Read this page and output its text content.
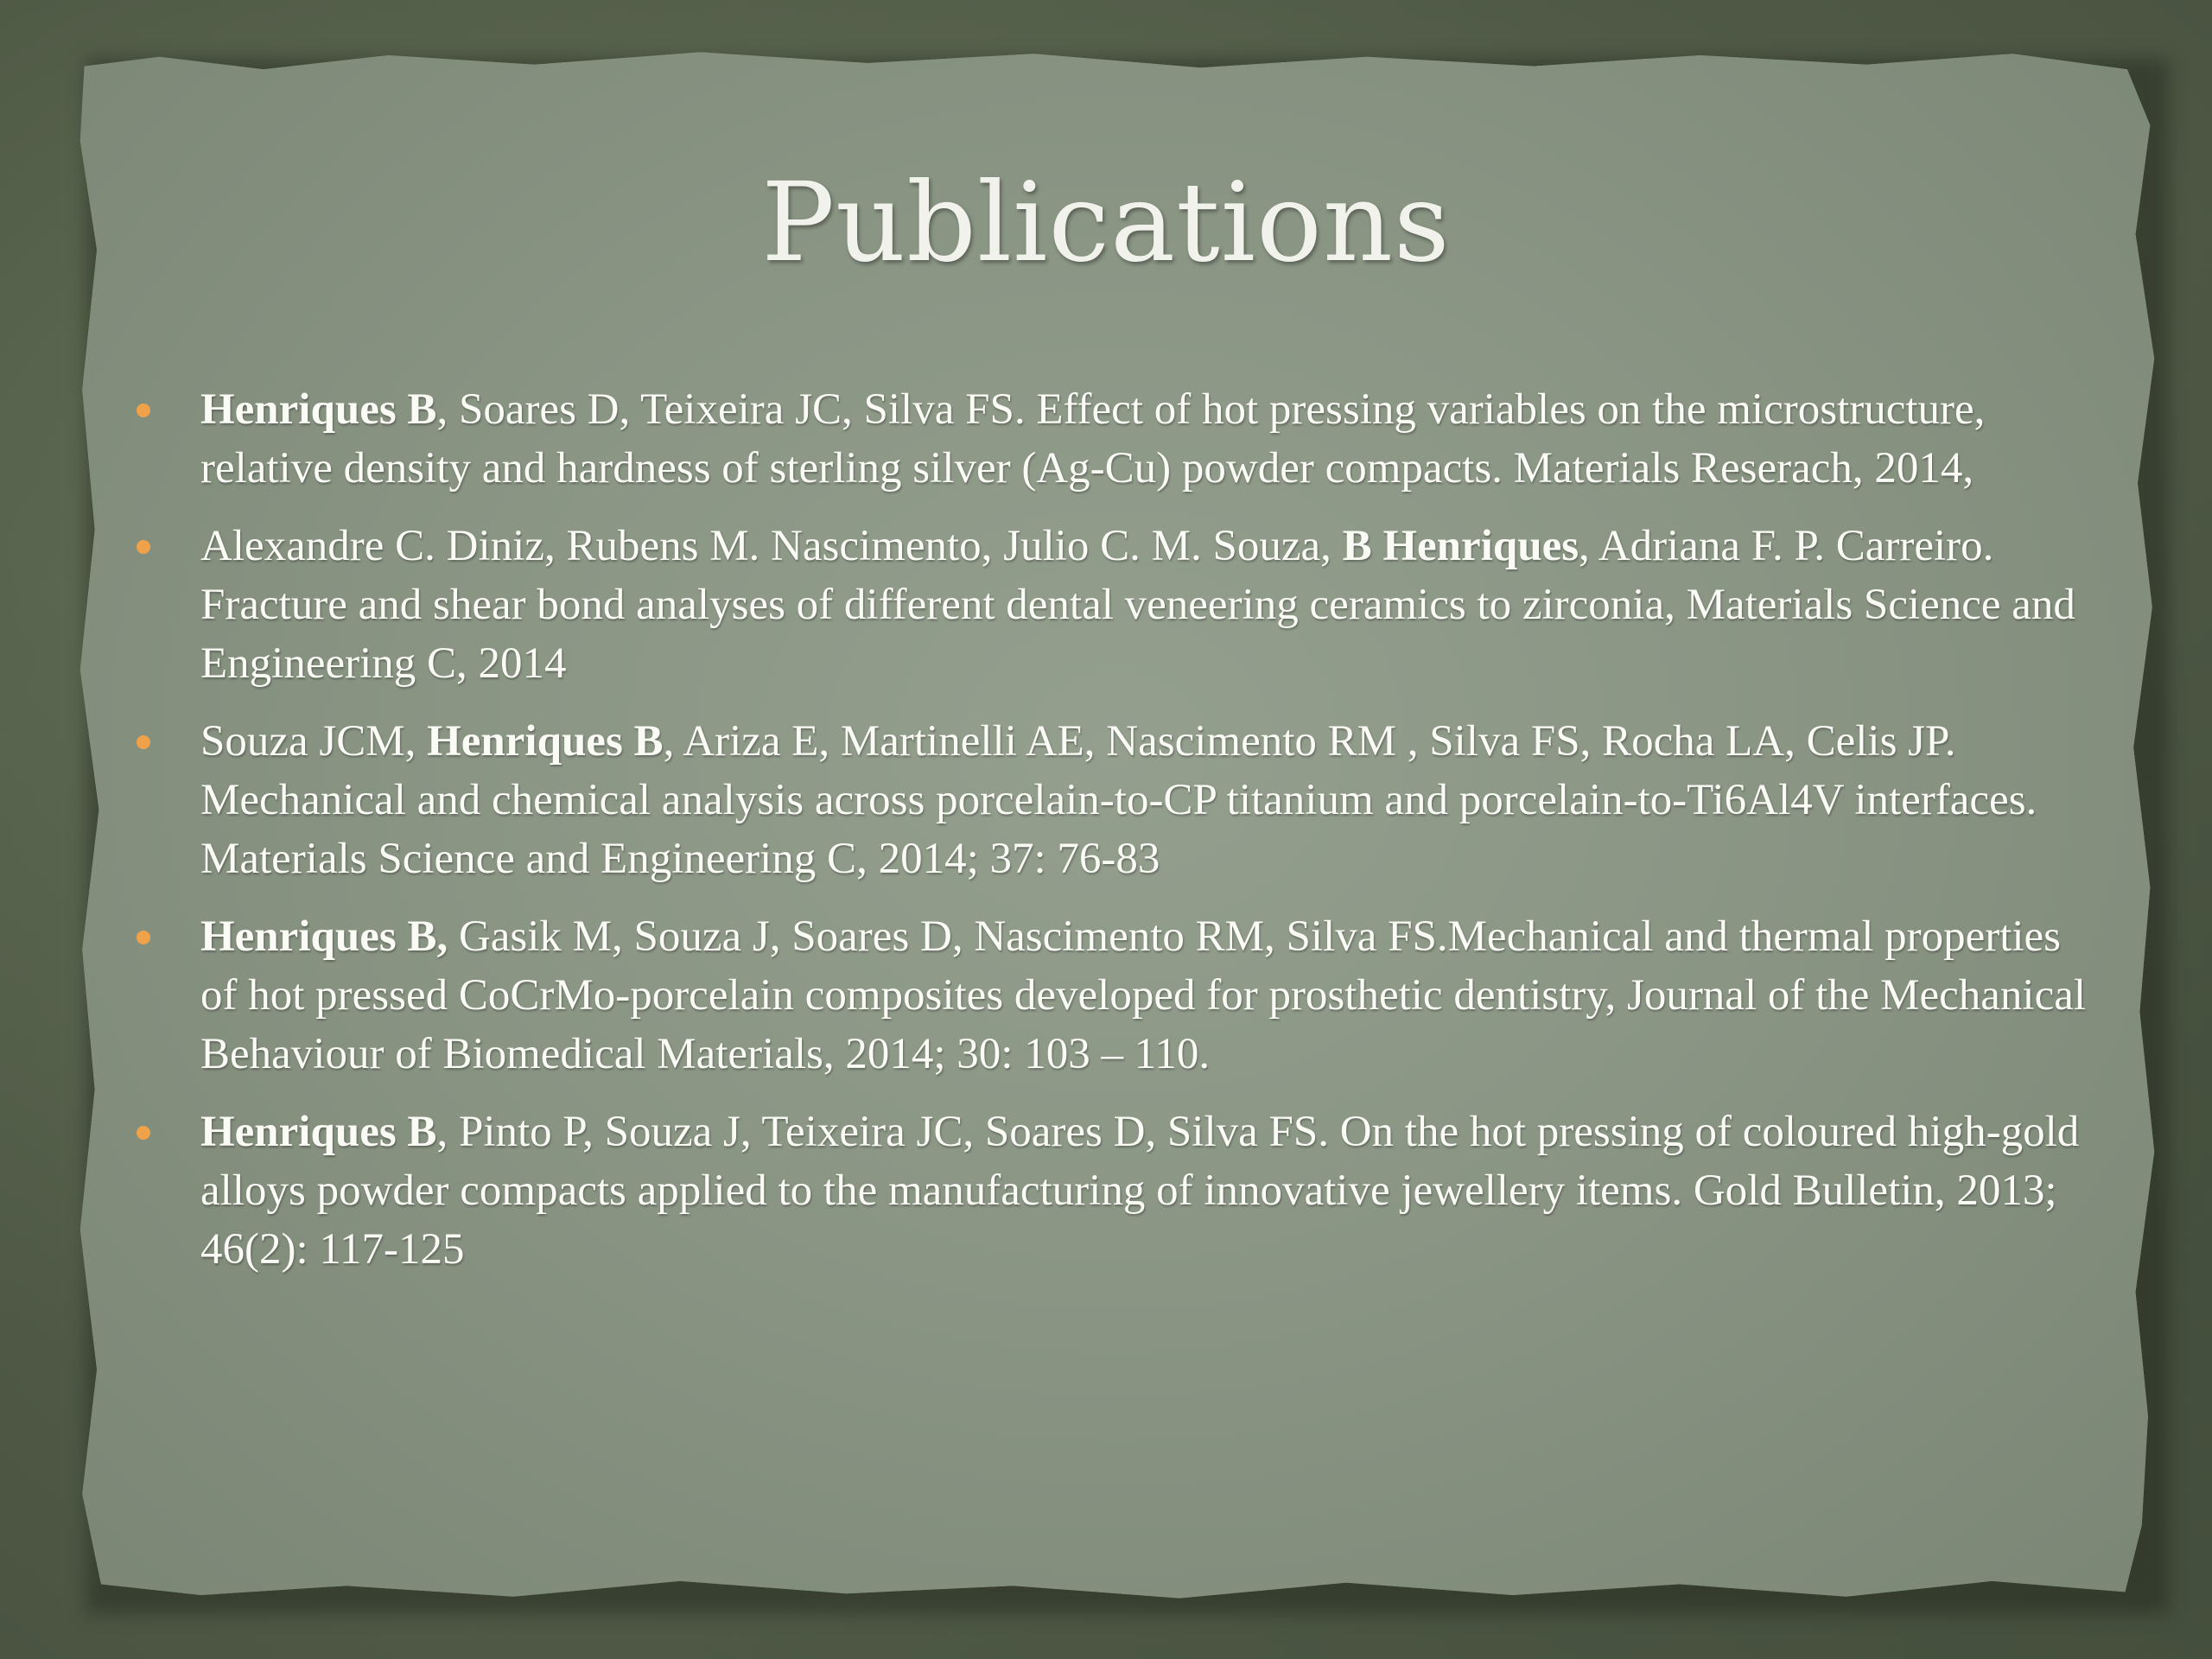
Publications
Henriques B, Soares D, Teixeira JC, Silva FS. Effect of hot pressing variables on the microstructure, relative density and hardness of sterling silver (Ag-Cu) powder compacts. Materials Reserach, 2014,
Alexandre C. Diniz, Rubens M. Nascimento, Julio C. M. Souza, B Henriques, Adriana F. P. Carreiro. Fracture and shear bond analyses of different dental veneering ceramics to zirconia, Materials Science and Engineering C, 2014
Souza JCM, Henriques B, Ariza E, Martinelli AE, Nascimento RM , Silva FS, Rocha LA, Celis JP. Mechanical and chemical analysis across porcelain-to-CP titanium and porcelain-to-Ti6Al4V interfaces. Materials Science and Engineering C, 2014; 37: 76-83
Henriques B, Gasik M, Souza J, Soares D, Nascimento RM, Silva FS.Mechanical and thermal properties of hot pressed CoCrMo-porcelain composites developed for prosthetic dentistry, Journal of the Mechanical Behaviour of Biomedical Materials, 2014; 30: 103 – 110.
Henriques B, Pinto P, Souza J, Teixeira JC, Soares D, Silva FS. On the hot pressing of coloured high-gold alloys powder compacts applied to the manufacturing of innovative jewellery items. Gold Bulletin, 2013; 46(2): 117-125
